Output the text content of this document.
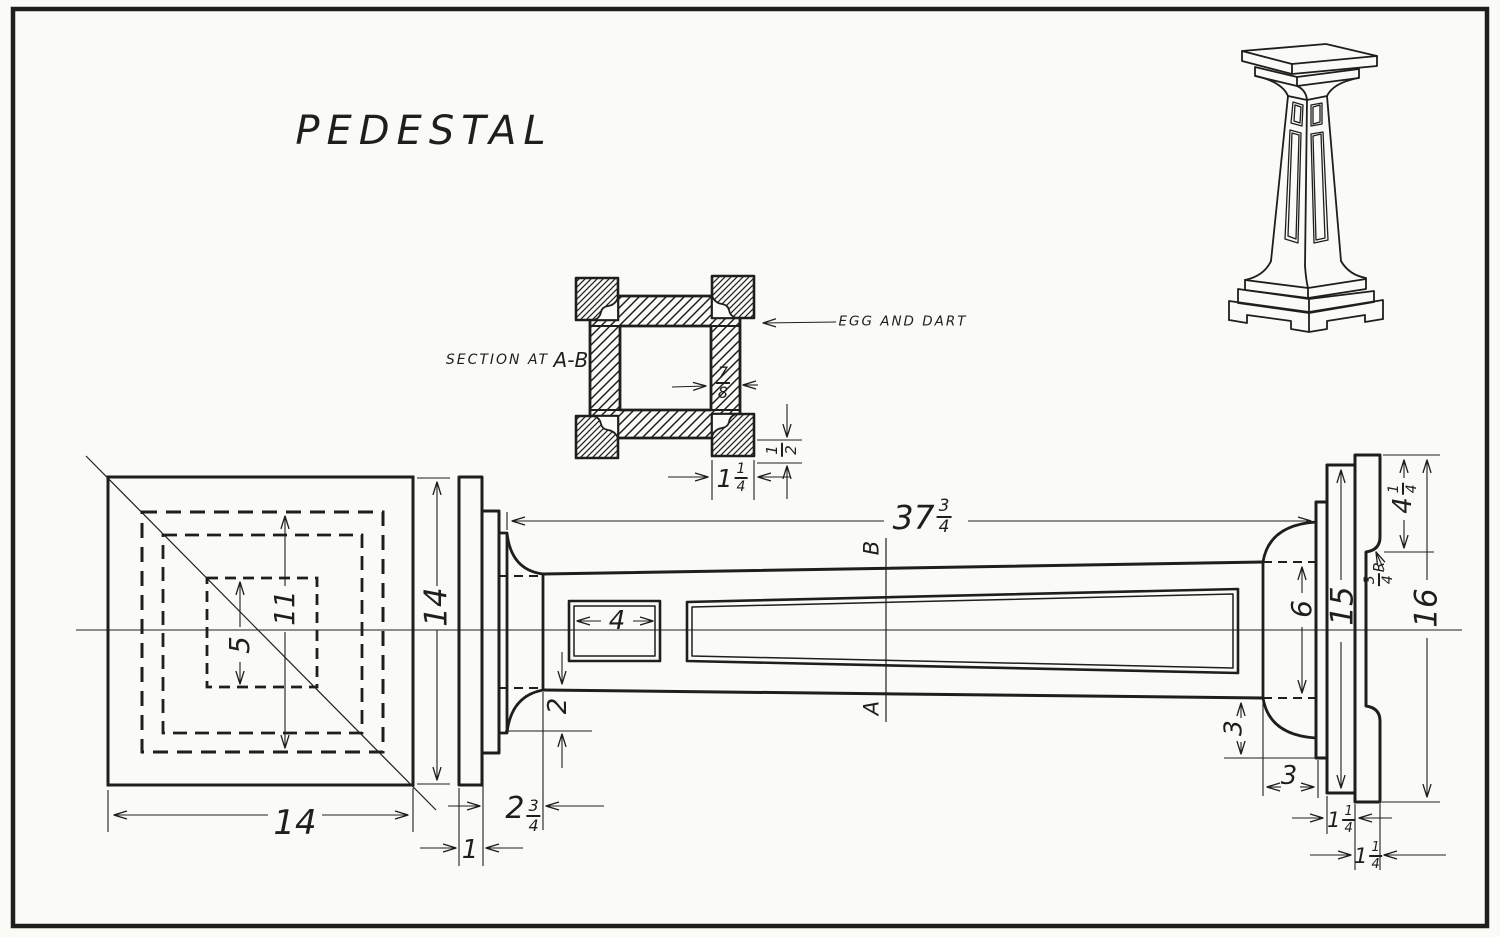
PEDESTAL
SECTION AT
A-B
EGG AND DART
$\frac{7}{8}$
1 2
$1 \frac{1}{4}$
14
11
5
14	$2 \frac{3}{4}$
1
2
4
$37 \frac{3}{4}$
B
A
6 15 16
4
1 4
3 4
R
3
3
$1 \frac{1}{4}$
$1 \frac{1}{4}$
